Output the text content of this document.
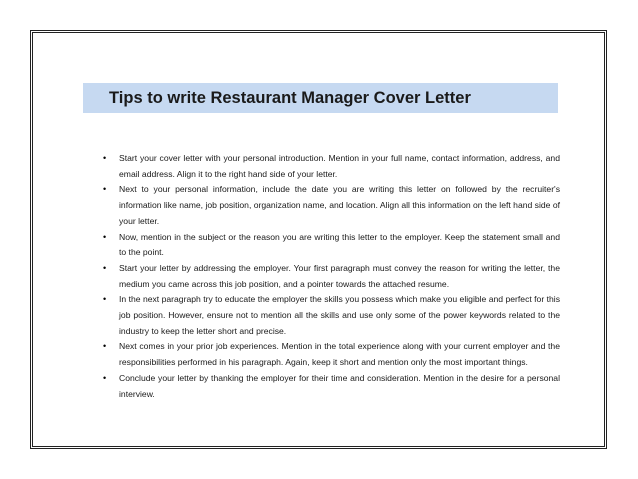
Tips to write Restaurant Manager Cover Letter
• Start your cover letter with your personal introduction. Mention in your full name, contact information, address, and email address. Align it to the right hand side of your letter.
• Next to your personal information, include the date you are writing this letter on followed by the recruiter's information like name, job position, organization name, and location. Align all this information on the left hand side of your letter.
• Now, mention in the subject or the reason you are writing this letter to the employer. Keep the statement small and to the point.
• Start your letter by addressing the employer. Your first paragraph must convey the reason for writing the letter, the medium you came across this job position, and a pointer towards the attached resume.
• In the next paragraph try to educate the employer the skills you possess which make you eligible and perfect for this job position. However, ensure not to mention all the skills and use only some of the power keywords related to the industry to keep the letter short and precise.
• Next comes in your prior job experiences. Mention in the total experience along with your current employer and the responsibilities performed in his paragraph. Again, keep it short and mention only the most important things.
• Conclude your letter by thanking the employer for their time and consideration. Mention in the desire for a personal interview.
